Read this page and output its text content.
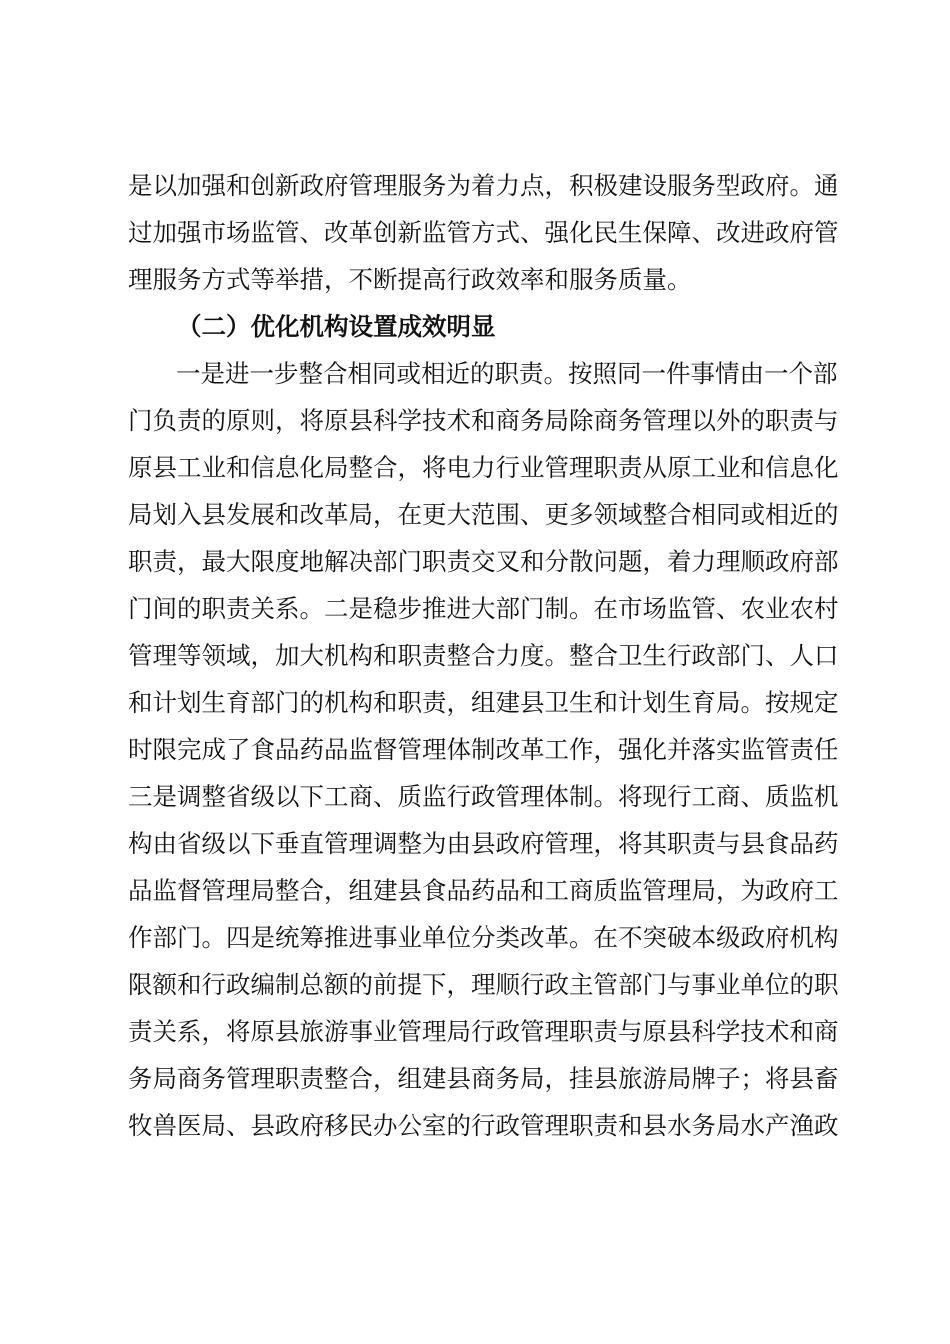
是以加强和创新政府管理服务为着力点，积极建设服务型政府。通
过加强市场监管、改革创新监管方式、强化民生保障、改进政府管
理服务方式等举措，不断提高行政效率和服务质量。
（二）优化机构设置成效明显
一是进一步整合相同或相近的职责。按照同一件事情由一个部
门负责的原则，将原县科学技术和商务局除商务管理以外的职责与
原县工业和信息化局整合，将电力行业管理职责从原工业和信息化
局划入县发展和改革局，在更大范围、更多领域整合相同或相近的
职责，最大限度地解决部门职责交叉和分散问题，着力理顺政府部
门间的职责关系。二是稳步推进大部门制。在市场监管、农业农村
管理等领域，加大机构和职责整合力度。整合卫生行政部门、人口
和计划生育部门的机构和职责，组建县卫生和计划生育局。按规定
时限完成了食品药品监督管理体制改革工作，强化并落实监管责任
三是调整省级以下工商、质监行政管理体制。将现行工商、质监机
构由省级以下垂直管理调整为由县政府管理，将其职责与县食品药
品监督管理局整合，组建县食品药品和工商质监管理局，为政府工
作部门。四是统筹推进事业单位分类改革。在不突破本级政府机构
限额和行政编制总额的前提下，理顺行政主管部门与事业单位的职
责关系，将原县旅游事业管理局行政管理职责与原县科学技术和商
务局商务管理职责整合，组建县商务局，挂县旅游局牌子；将县畜
牧兽医局、县政府移民办公室的行政管理职责和县水务局水产渔政
